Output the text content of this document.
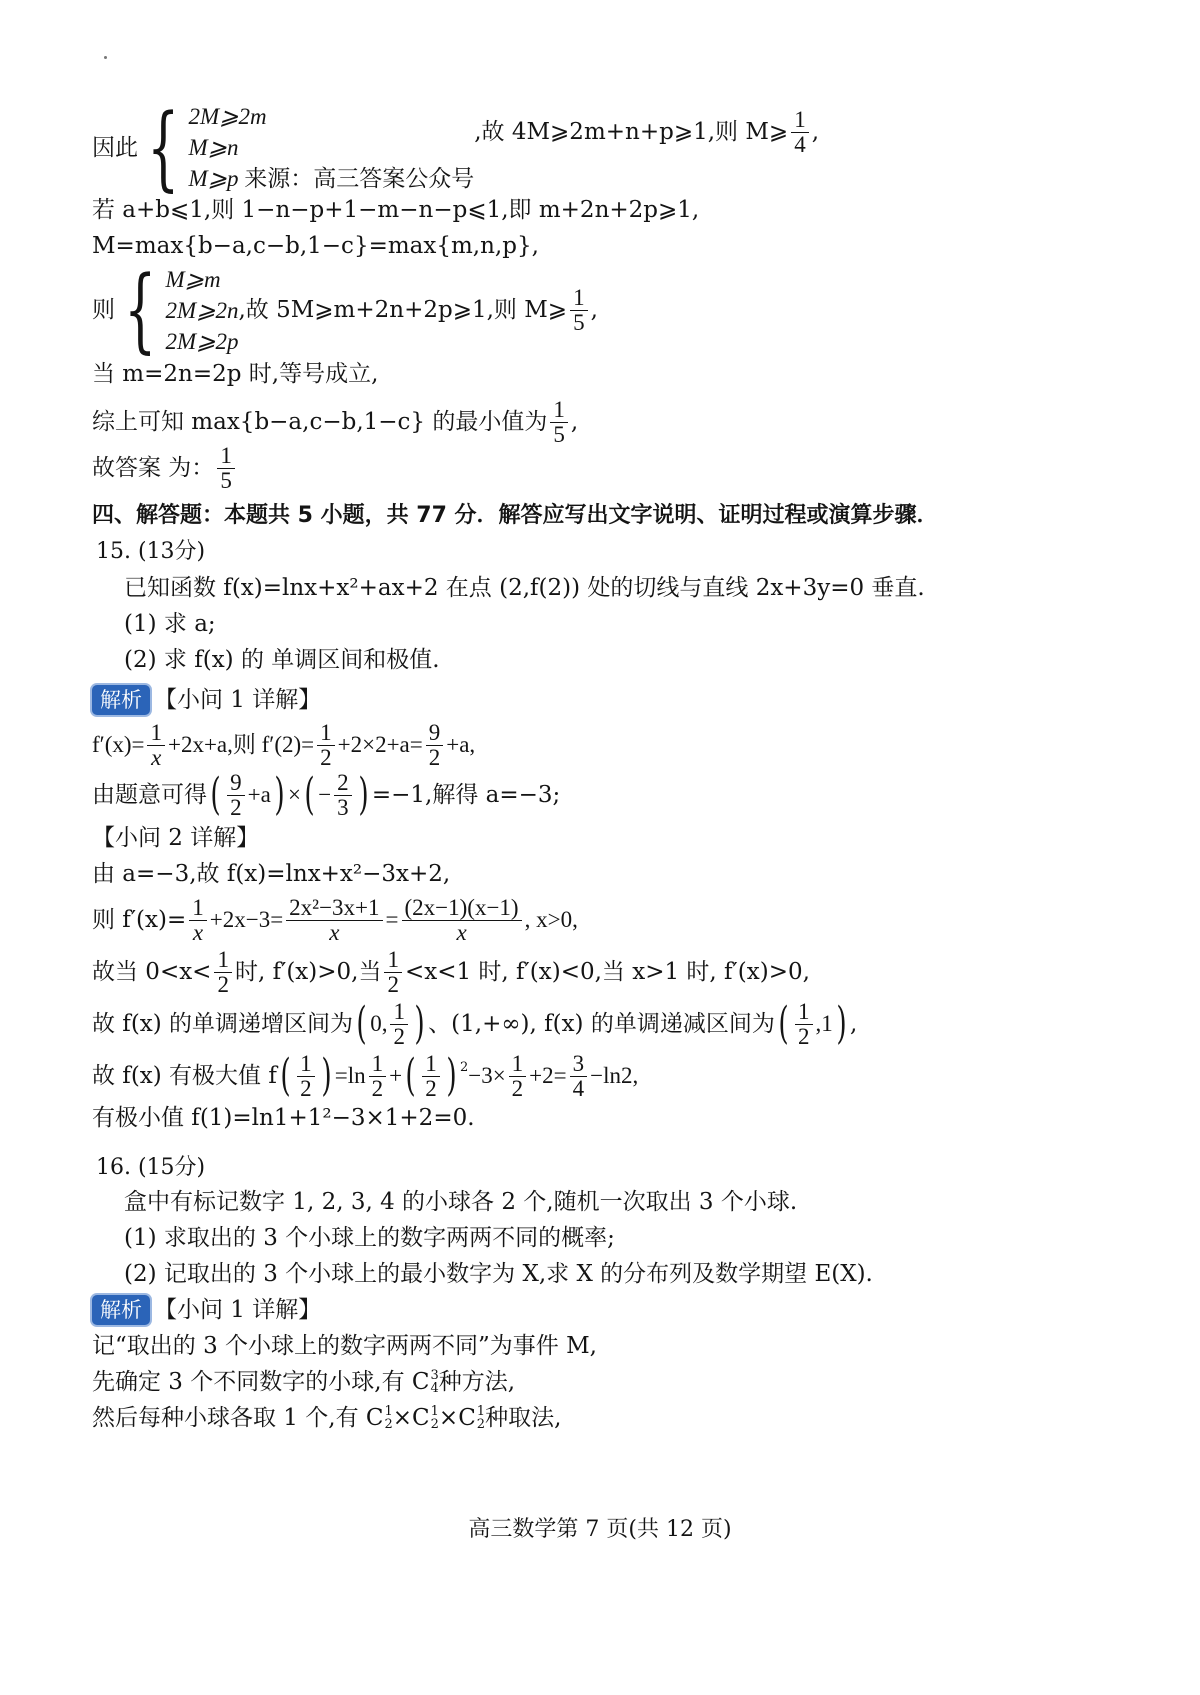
因此 { 2M⩾2m
M⩾n
M⩾p 来源：高三答案公众号
,故 4M⩾2m+n+p⩾1,则 M⩾ $\frac{1}{4}$ ,
若 a+b⩽1,则 1−n−p+1−m−n−p⩽1,即 m+2n+2p⩾1,
M=max{b−a,c−b,1−c}=max{m,n,p},
则 { M⩾m
2M⩾2n
2M⩾2p
,故 5M⩾m+2n+2p⩾1,则 M⩾ $\frac{1}{5}$ ,
当 m=2n=2p 时,等号成立,
综上可知 max{b−a,c−b,1−c} 的最小值为 $\frac{1}{5}$ ,
故答案 为： $\frac{1}{5}$
四、解答题：本题共 5 小题，共 77 分．解答应写出文字说明、证明过程或演算步骤．
15. (13分)
已知函数 f(x)=lnx+x²+ax+2 在点 (2,f(2)) 处的切线与直线 2x+3y=0 垂直.
(1) 求 a;
(2) 求 f(x) 的 单调区间和极值.
解析 【小问 1 详解】
$f'(x)= \frac{1}{x} +2x+a$,则 $f'(2)= \frac{1}{2} +2\times 2+a= \frac{9}{2} +a$,
由题意可得 ( $\frac{9}{2} +a$ ) × ( − $\frac{2}{3}$ ) =−1,解得 a=−3;
【小问 2 详解】
由 a=−3,故 f(x)=lnx+x²−3x+2,
则 $f'(x)= \frac{1}{x} +2x-3= \frac{\text{2x²−3x+1}}{x} = \frac{(2x-1)(x-1)}{x}$ , x>0,
故当 $0<x< \frac{1}{2}$ 时, f′(x)>0,当 $\frac{1}{2} <x<1$ 时, f′(x)<0,当 x>1 时, f′(x)>0,
故 f(x) 的单调递增区间为 ( 0, $\frac{1}{2}$ ) 、(1,+∞), f(x) 的单调递减区间为 ( $\frac{1}{2} ,1$ ) ,
故 f(x) 有极大值 f ( $\frac{1}{2}$ ) $=\ln \frac{1}{2}$ + ( $\frac{1}{2}$ ) $^2 -3\times \frac{1}{2} +2= \frac{3}{4} -\ln 2$,
有极小值 f(1)=ln1+1²−3×1+2=0.
16. (15分)
盒中有标记数字 1, 2, 3, 4 的小球各 2 个,随机一次取出 3 个小球.
(1) 求取出的 3 个小球上的数字两两不同的概率;
(2) 记取出的 3 个小球上的最小数字为 X,求 X 的分布列及数学期望 E(X).
解析 【小问 1 详解】
记“取出的 3 个小球上的数字两两不同”为事件 M,
先确定 3 个不同数字的小球,有 C 3
4 种方法,
然后每种小球各取 1 个,有 C 1
2 ×C 1
2 ×C 1
2 种取法,
高三数学第 7 页(共 12 页)
